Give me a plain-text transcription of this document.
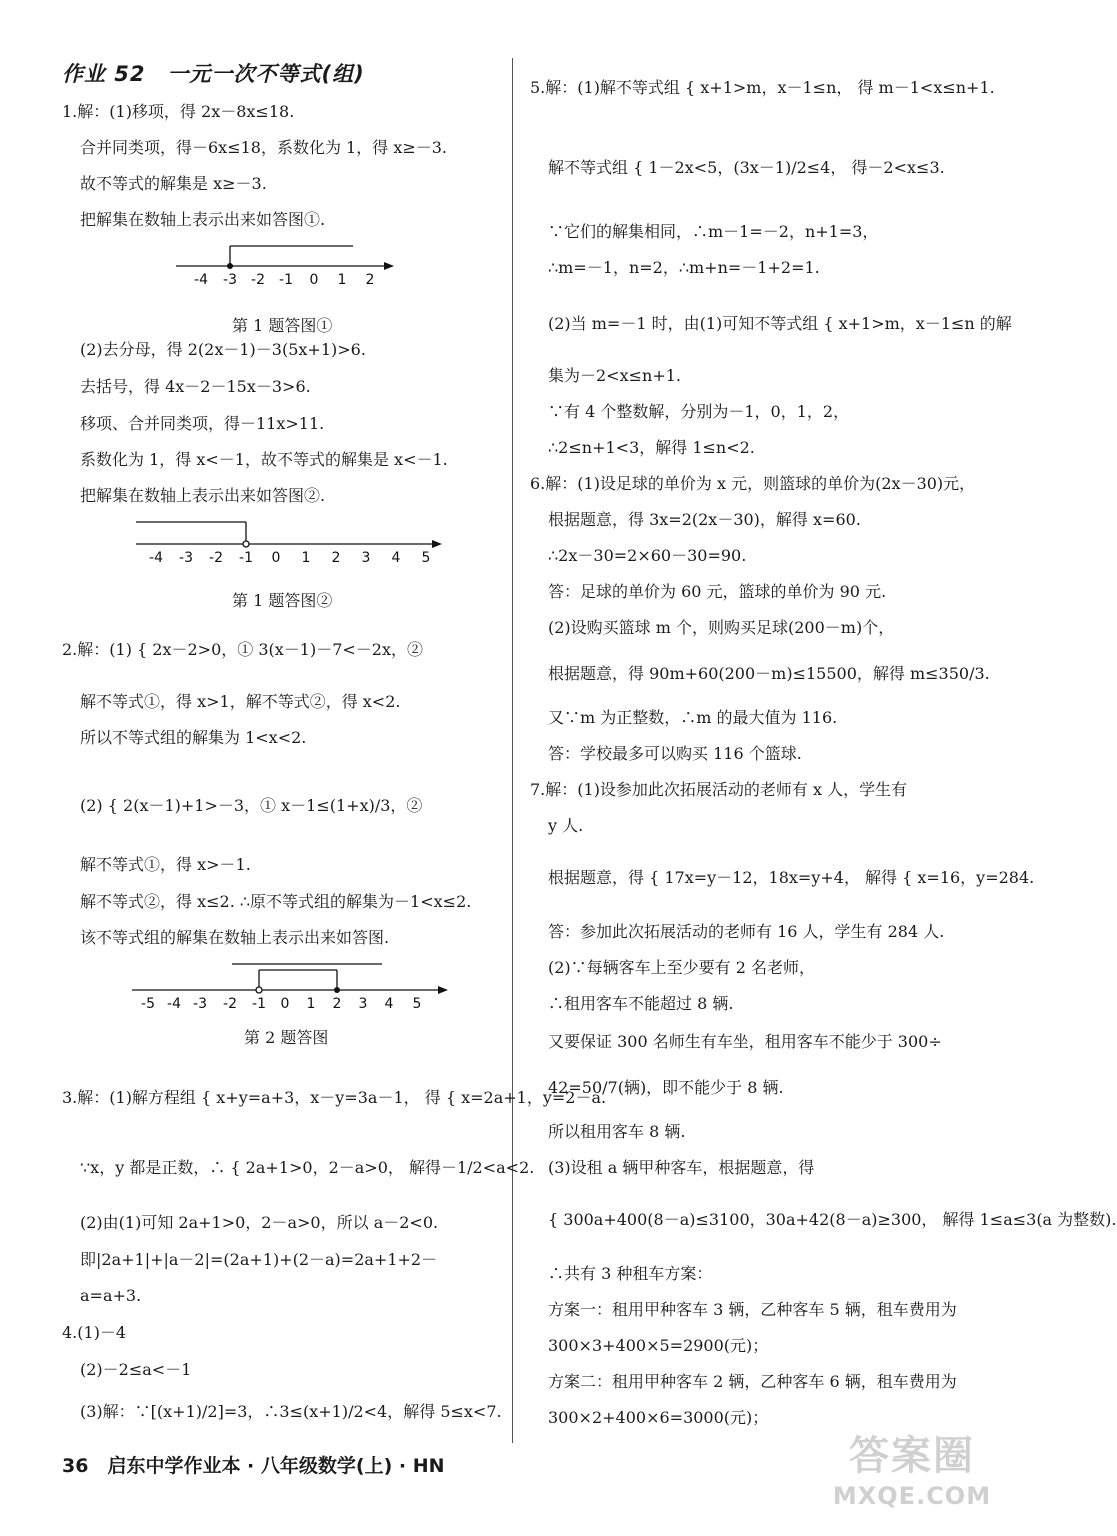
作业 52　一元一次不等式(组)
1.解：(1)移项，得 2x－8x≤18.
合并同类项，得－6x≤18，系数化为 1，得 x≥－3.
故不等式的解集是 x≥－3.
把解集在数轴上表示出来如答图①.
-4 -3 -2 -1 0 1 2
第 1 题答图①
(2)去分母，得 2(2x－1)－3(5x+1)>6.
去括号，得 4x－2－15x－3>6.
移项、合并同类项，得－11x>11.
系数化为 1，得 x<－1，故不等式的解集是 x<－1.
把解集在数轴上表示出来如答图②.
-4 -3 -2 -1 0 1 2 3 4 5
第 1 题答图②
2.解：(1) { 2x－2>0，① 3(x－1)－7<－2x，②
解不等式①，得 x>1，解不等式②，得 x<2.
所以不等式组的解集为 1<x<2.
(2) { 2(x－1)+1>－3，① x－1≤(1+x)/3，②
解不等式①，得 x>－1.
解不等式②，得 x≤2. ∴原不等式组的解集为－1<x≤2.
该不等式组的解集在数轴上表示出来如答图.
-5 -4 -3 -2 -1 0 1 2 3 4 5
第 2 题答图
3.解：(1)解方程组 { x+y=a+3，x－y=3a－1， 得 { x=2a+1，y=2－a.
∵x，y 都是正数，∴ { 2a+1>0，2－a>0， 解得－1/2<a<2.
(2)由(1)可知 2a+1>0，2－a>0，所以 a－2<0.
即|2a+1|+|a－2|=(2a+1)+(2－a)=2a+1+2－
a=a+3.
4.(1)－4
(2)－2≤a<－1
(3)解：∵[(x+1)/2]=3，∴3≤(x+1)/2<4，解得 5≤x<7.
5.解：(1)解不等式组 { x+1>m，x－1≤n， 得 m－1<x≤n+1.
解不等式组 { 1－2x<5，(3x－1)/2≤4， 得－2<x≤3.
∵它们的解集相同，∴m－1=－2，n+1=3，
∴m=－1，n=2，∴m+n=－1+2=1.
(2)当 m=－1 时，由(1)可知不等式组 { x+1>m，x－1≤n 的解
集为－2<x≤n+1.
∵有 4 个整数解，分别为－1，0，1，2，
∴2≤n+1<3，解得 1≤n<2.
6.解：(1)设足球的单价为 x 元，则篮球的单价为(2x－30)元，
根据题意，得 3x=2(2x－30)，解得 x=60.
∴2x－30=2×60－30=90.
答：足球的单价为 60 元，篮球的单价为 90 元.
(2)设购买篮球 m 个，则购买足球(200－m)个，
根据题意，得 90m+60(200－m)≤15500，解得 m≤350/3.
又∵m 为正整数，∴m 的最大值为 116.
答：学校最多可以购买 116 个篮球.
7.解：(1)设参加此次拓展活动的老师有 x 人，学生有
y 人.
根据题意，得 { 17x=y－12，18x=y+4， 解得 { x=16，y=284.
答：参加此次拓展活动的老师有 16 人，学生有 284 人.
(2)∵每辆客车上至少要有 2 名老师，
∴租用客车不能超过 8 辆.
又要保证 300 名师生有车坐，租用客车不能少于 300÷
42=50/7(辆)，即不能少于 8 辆.
所以租用客车 8 辆.
(3)设租 a 辆甲种客车，根据题意，得
{ 300a+400(8－a)≤3100，30a+42(8－a)≥300， 解得 1≤a≤3(a 为整数).
∴共有 3 种租车方案：
方案一：租用甲种客车 3 辆，乙种客车 5 辆，租车费用为
300×3+400×5=2900(元)；
方案二：租用甲种客车 2 辆，乙种客车 6 辆，租车费用为
300×2+400×6=3000(元)；
36　启东中学作业本 · 八年级数学(上) · HN	答案圈
MXQE.COM
